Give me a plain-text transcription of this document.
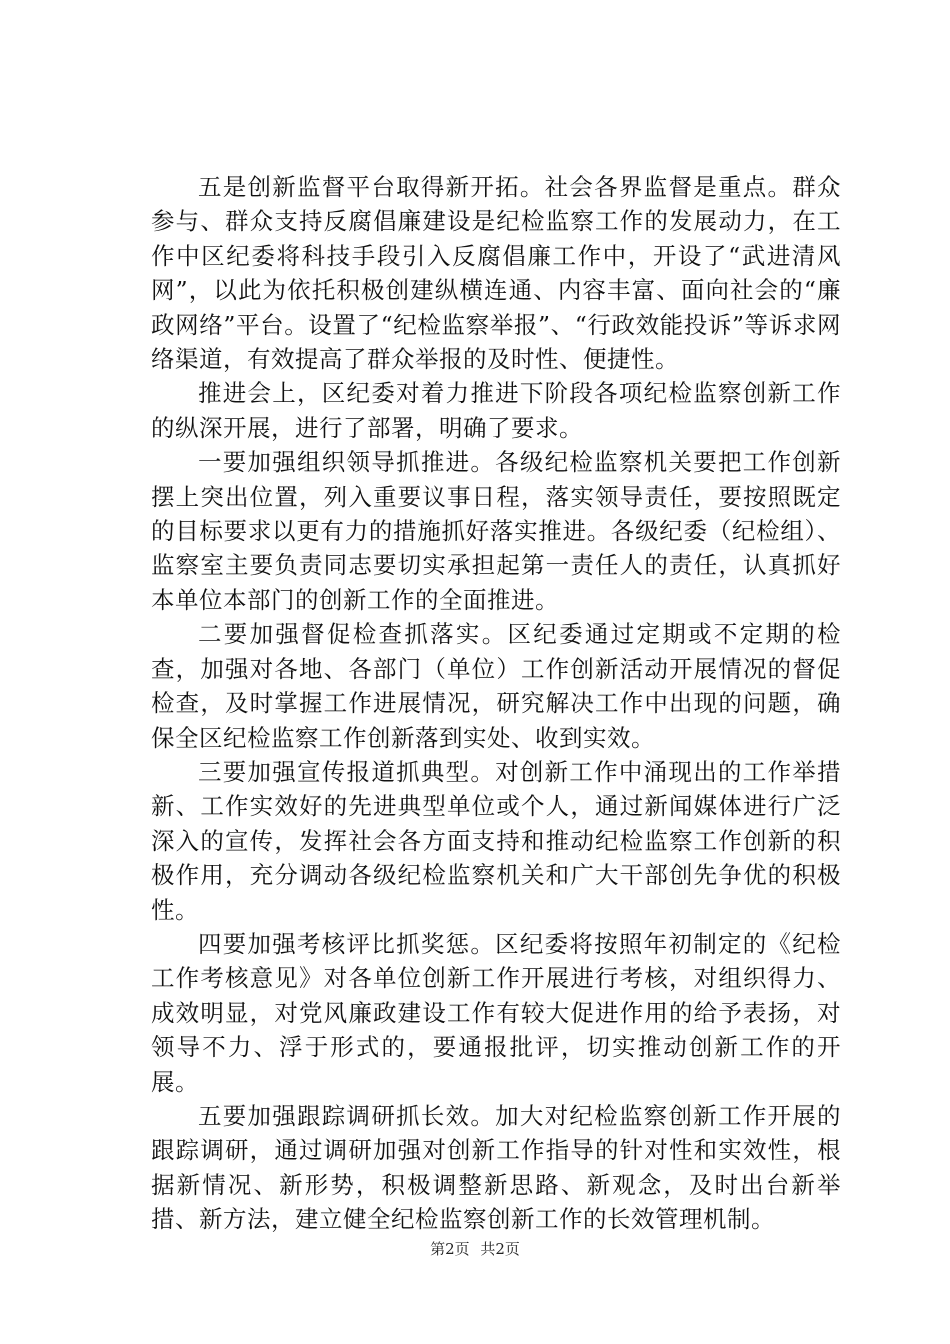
五是创新监督平台取得新开拓。社会各界监督是重点。群众参与、群众支持反腐倡廉建设是纪检监察工作的发展动力，在工作中区纪委将科技手段引入反腐倡廉工作中，开设了“武进清风网”，以此为依托积极创建纵横连通、内容丰富、面向社会的“廉政网络”平台。设置了“纪检监察举报”、“行政效能投诉”等诉求网络渠道，有效提高了群众举报的及时性、便捷性。

推进会上，区纪委对着力推进下阶段各项纪检监察创新工作的纵深开展，进行了部署，明确了要求。

一要加强组织领导抓推进。各级纪检监察机关要把工作创新摆上突出位置，列入重要议事日程，落实领导责任，要按照既定的目标要求以更有力的措施抓好落实推进。各级纪委（纪检组）、监察室主要负责同志要切实承担起第一责任人的责任，认真抓好本单位本部门的创新工作的全面推进。

二要加强督促检查抓落实。区纪委通过定期或不定期的检查，加强对各地、各部门（单位）工作创新活动开展情况的督促检查，及时掌握工作进展情况，研究解决工作中出现的问题，确保全区纪检监察工作创新落到实处、收到实效。

三要加强宣传报道抓典型。对创新工作中涌现出的工作举措新、工作实效好的先进典型单位或个人，通过新闻媒体进行广泛深入的宣传，发挥社会各方面支持和推动纪检监察工作创新的积极作用，充分调动各级纪检监察机关和广大干部创先争优的积极性。

四要加强考核评比抓奖惩。区纪委将按照年初制定的《纪检工作考核意见》对各单位创新工作开展进行考核，对组织得力、成效明显，对党风廉政建设工作有较大促进作用的给予表扬，对领导不力、浮于形式的，要通报批评，切实推动创新工作的开展。

五要加强跟踪调研抓长效。加大对纪检监察创新工作开展的跟踪调研，通过调研加强对创新工作指导的针对性和实效性，根据新情况、新形势，积极调整新思路、新观念，及时出台新举措、新方法，建立健全纪检监察创新工作的长效管理机制。

第2页 共2页
